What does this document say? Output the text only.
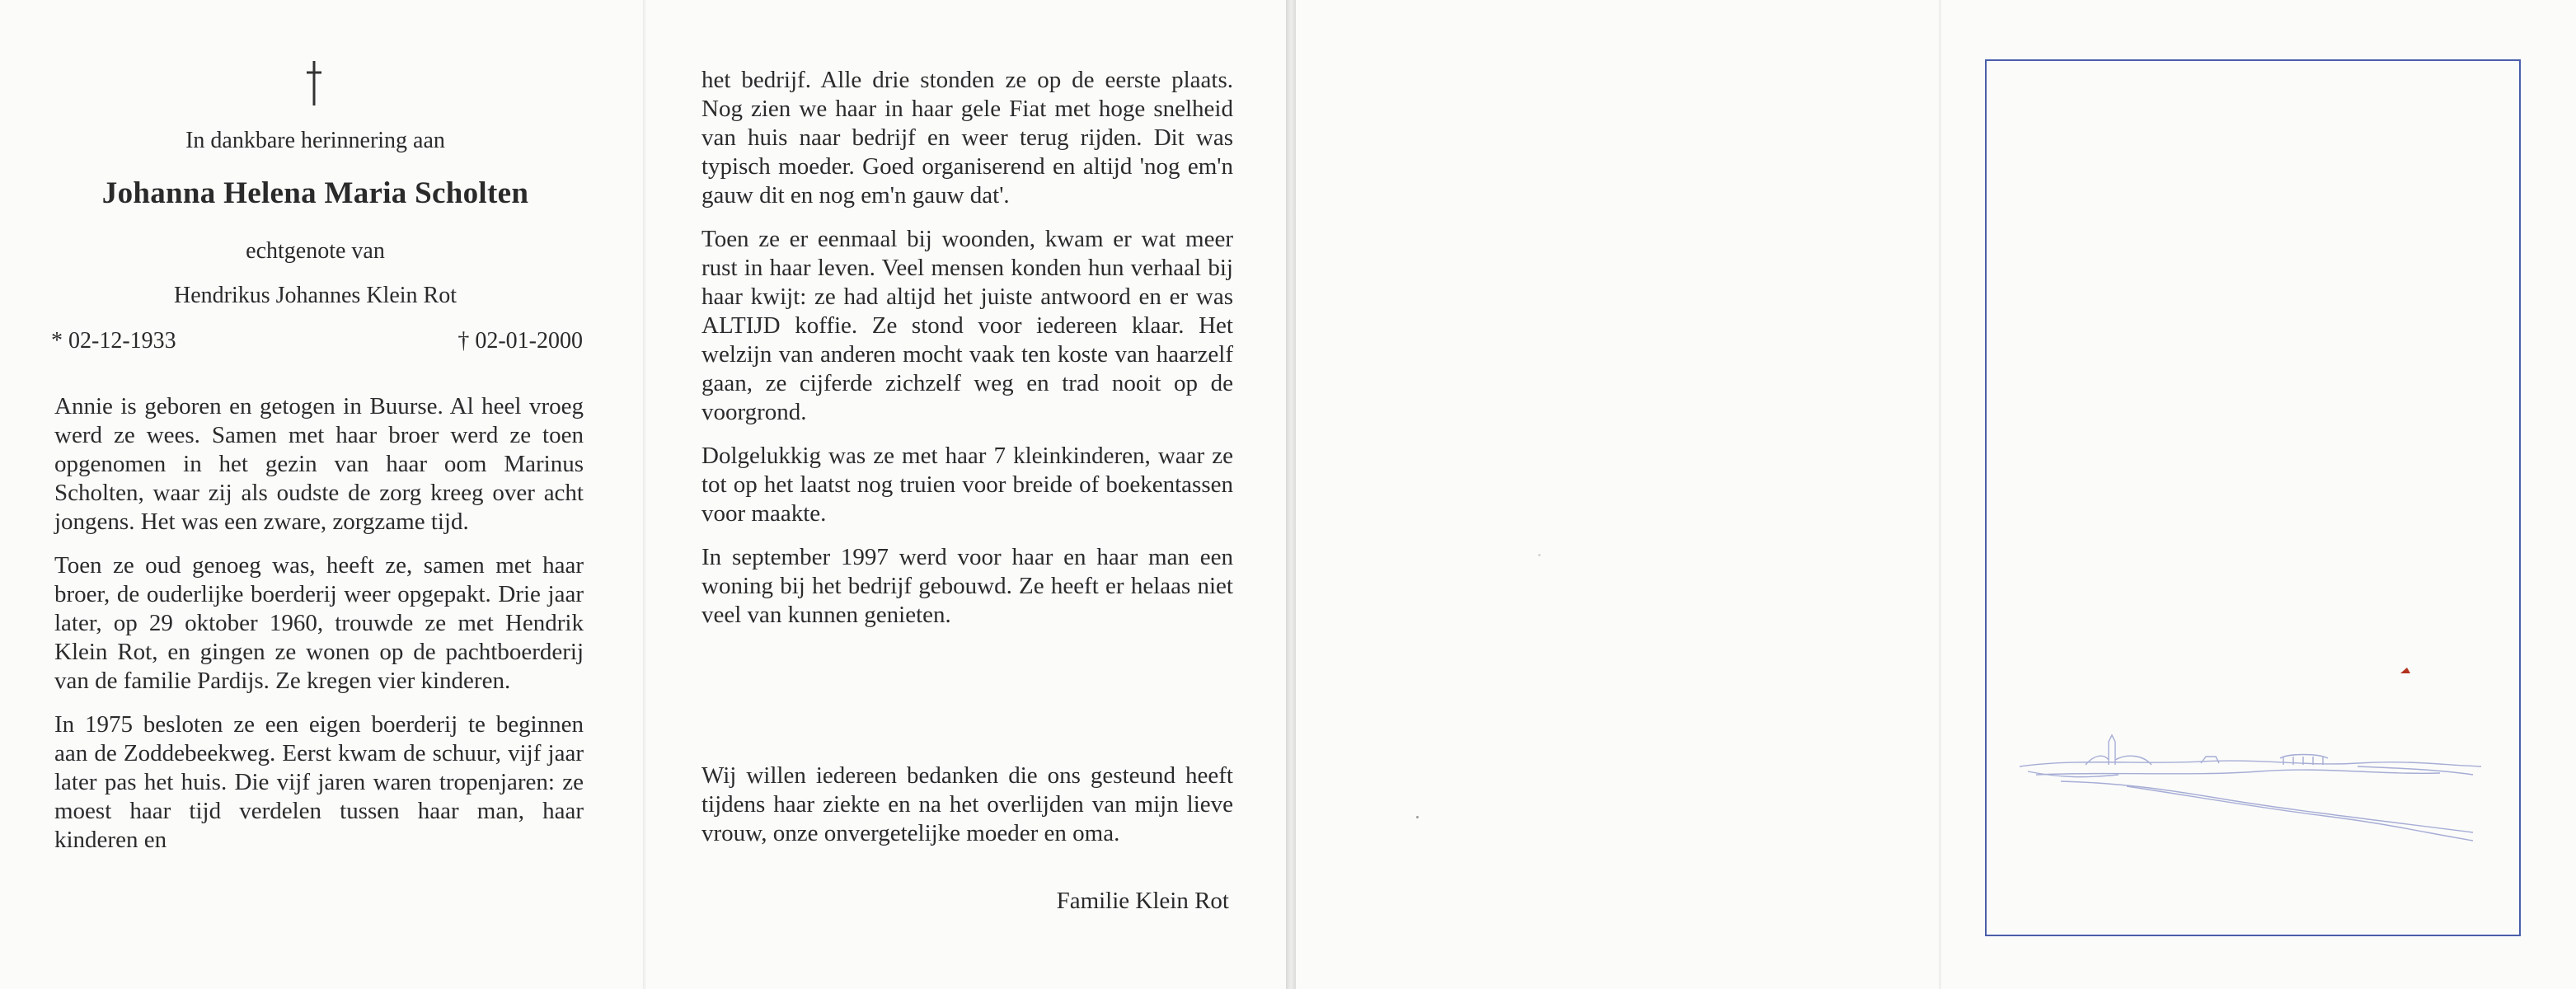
In dankbare herinnering aan
Johanna Helena Maria Scholten
echtgenote van
Hendrikus Johannes Klein Rot
* 02-12-1933	† 02-01-2000

Annie is geboren en getogen in Buurse. Al heel vroeg werd ze wees. Samen met haar broer werd ze toen opgenomen in het gezin van haar oom Marinus Scholten, waar zij als oudste de zorg kreeg over acht jongens. Het was een zware, zorgzame tijd.

Toen ze oud genoeg was, heeft ze, samen met haar broer, de ouderlijke boerderij weer opgepakt. Drie jaar later, op 29 oktober 1960, trouwde ze met Hendrik Klein Rot, en gingen ze wonen op de pachtboerderij van de familie Pardijs. Ze kregen vier kinderen.

In 1975 besloten ze een eigen boerderij te beginnen aan de Zoddebeekweg. Eerst kwam de schuur, vijf jaar later pas het huis. Die vijf jaren waren tropenjaren: ze moest haar tijd verdelen tussen haar man, haar kinderen en

het bedrijf. Alle drie stonden ze op de eerste plaats. Nog zien we haar in haar gele Fiat met hoge snelheid van huis naar bedrijf en weer terug rijden. Dit was typisch moeder. Goed organiserend en altijd 'nog em'n gauw dit en nog em'n gauw dat'.

Toen ze er eenmaal bij woonden, kwam er wat meer rust in haar leven. Veel mensen konden hun verhaal bij haar kwijt: ze had altijd het juiste antwoord en er was ALTIJD koffie. Ze stond voor iedereen klaar. Het welzijn van anderen mocht vaak ten koste van haarzelf gaan, ze cijferde zichzelf weg en trad nooit op de voorgrond.

Dolgelukkig was ze met haar 7 kleinkinderen, waar ze tot op het laatst nog truien voor breide of boekentassen voor maakte.

In september 1997 werd voor haar en haar man een woning bij het bedrijf gebouwd. Ze heeft er helaas niet veel van kunnen genieten.

Wij willen iedereen bedanken die ons gesteund heeft tijdens haar ziekte en na het overlijden van mijn lieve vrouw, onze onvergetelijke moeder en oma.

Familie Klein Rot
